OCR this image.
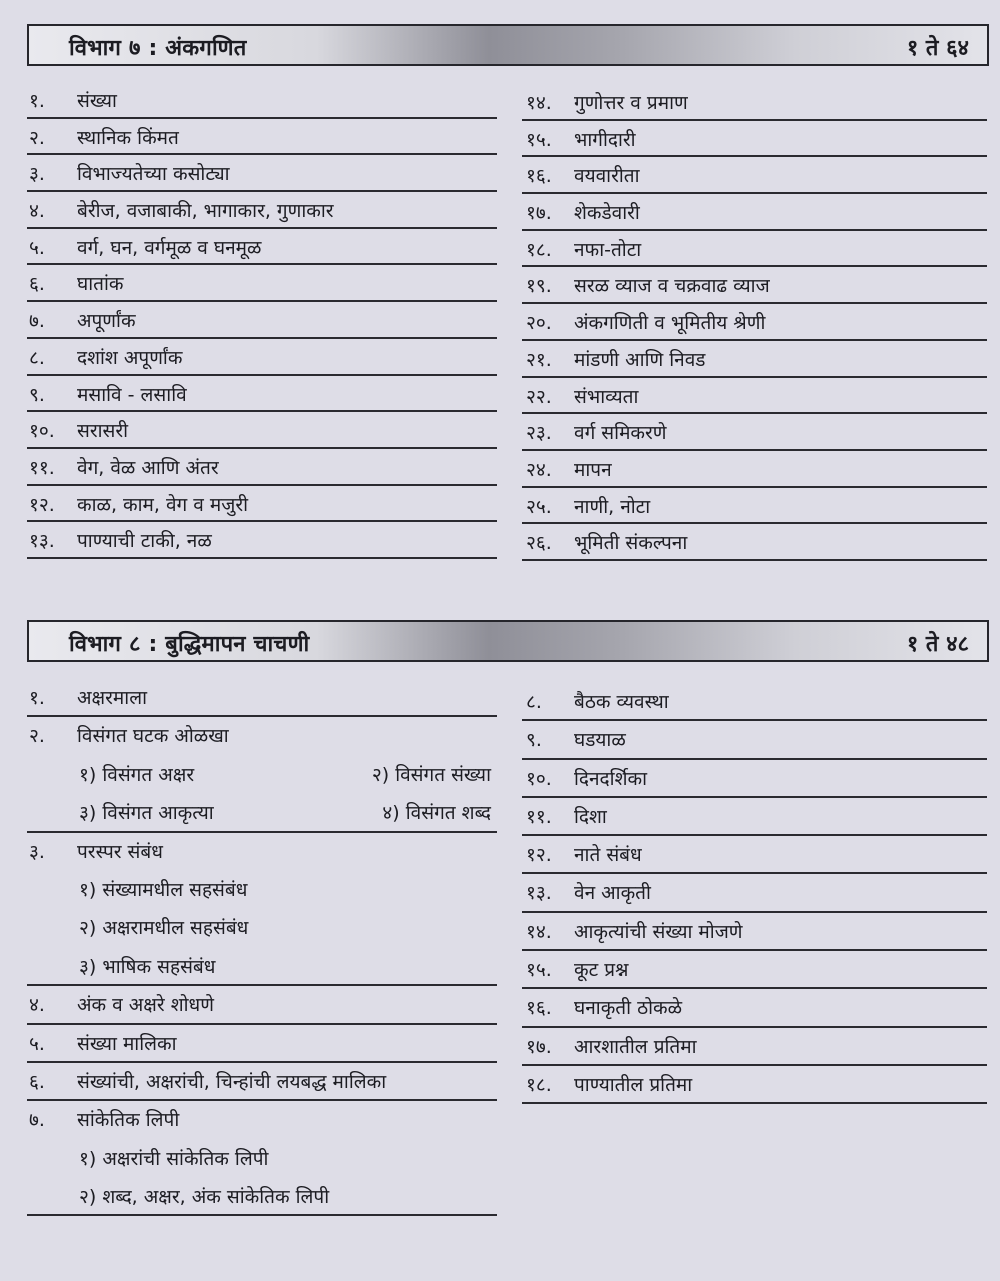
विभाग ७ : अंकगणित	१ ते ६४
१.	संख्या
२.	स्थानिक किंमत
३.	विभाज्यतेच्या कसोट्या
४.	बेरीज, वजाबाकी, भागाकार, गुणाकार
५.	वर्ग, घन, वर्गमूळ व घनमूळ
६.	घातांक
७.	अपूर्णांक
८.	दशांश अपूर्णांक
९.	मसावि - लसावि
१०.	सरासरी
११.	वेग, वेळ आणि अंतर
१२.	काळ, काम, वेग व मजुरी
१३.	पाण्याची टाकी, नळ
१४.	गुणोत्तर व प्रमाण
१५.	भागीदारी
१६.	वयवारीता
१७.	शेकडेवारी
१८.	नफा-तोटा
१९.	सरळ व्याज व चक्रवाढ व्याज
२०.	अंकगणिती व भूमितीय श्रेणी
२१.	मांडणी आणि निवड
२२.	संभाव्यता
२३.	वर्ग समिकरणे
२४.	मापन
२५.	नाणी, नोटा
२६.	भूमिती संकल्पना
विभाग ८ : बुद्धिमापन चाचणी	१ ते ४८
१.	अक्षरमाला
२.	विसंगत घटक ओळखा
१) विसंगत अक्षर	२) विसंगत संख्या
३) विसंगत आकृत्या	४) विसंगत शब्द
३.	परस्पर संबंध
१) संख्यामधील सहसंबंध
२) अक्षरामधील सहसंबंध
३) भाषिक सहसंबंध
४.	अंक व अक्षरे शोधणे
५.	संख्या मालिका
६.	संख्यांची, अक्षरांची, चिन्हांची लयबद्ध मालिका
७.	सांकेतिक लिपी
१) अक्षरांची सांकेतिक लिपी
२) शब्द, अक्षर, अंक सांकेतिक लिपी
८.	बैठक व्यवस्था
९.	घडयाळ
१०.	दिनदर्शिका
११.	दिशा
१२.	नाते संबंध
१३.	वेन आकृती
१४.	आकृत्यांची संख्या मोजणे
१५.	कूट प्रश्न
१६.	घनाकृती ठोकळे
१७.	आरशातील प्रतिमा
१८.	पाण्यातील प्रतिमा
